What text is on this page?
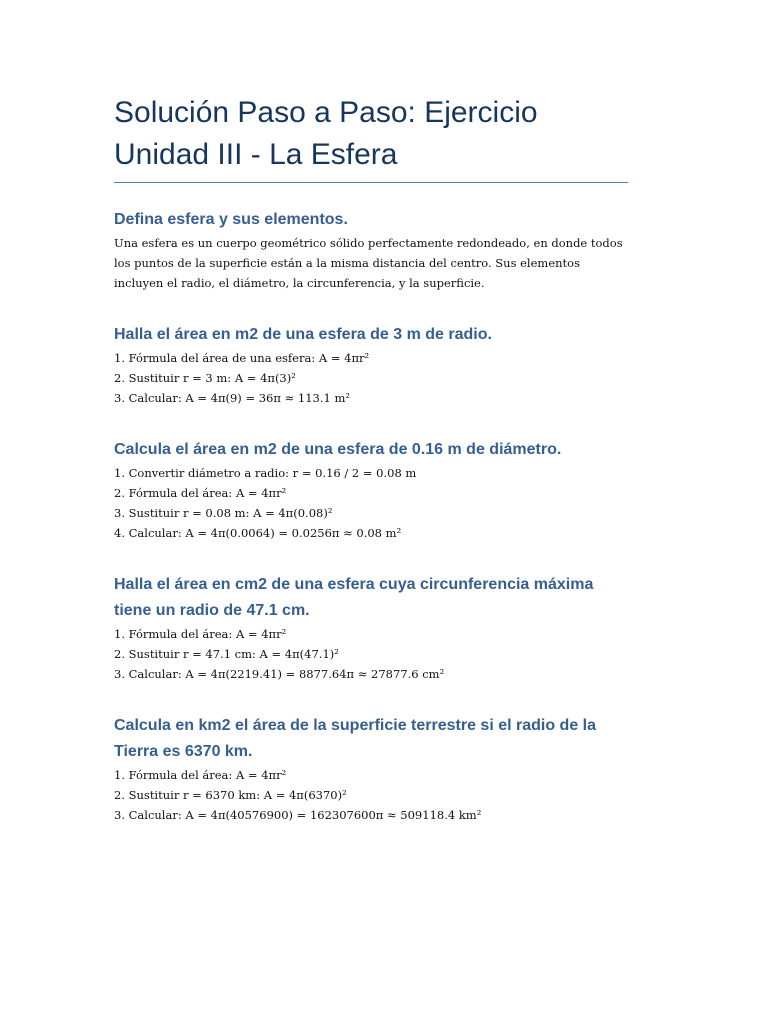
Solución Paso a Paso: Ejercicio Unidad III - La Esfera
Defina esfera y sus elementos.

Una esfera es un cuerpo geométrico sólido perfectamente redondeado, en donde todos los puntos de la superficie están a la misma distancia del centro. Sus elementos incluyen el radio, el diámetro, la circunferencia, y la superficie.

Halla el área en m2 de una esfera de 3 m de radio.

1. Fórmula del área de una esfera: A = 4πr²

2. Sustituir r = 3 m: A = 4π(3)²

3. Calcular: A = 4π(9) = 36π ≈ 113.1 m²

Calcula el área en m2 de una esfera de 0.16 m de diámetro.

1. Convertir diámetro a radio: r = 0.16 / 2 = 0.08 m

2. Fórmula del área: A = 4πr²

3. Sustituir r = 0.08 m: A = 4π(0.08)²

4. Calcular: A = 4π(0.0064) = 0.0256π ≈ 0.08 m²

Halla el área en cm2 de una esfera cuya circunferencia máxima tiene un radio de 47.1 cm.

1. Fórmula del área: A = 4πr²

2. Sustituir r = 47.1 cm: A = 4π(47.1)²

3. Calcular: A = 4π(2219.41) = 8877.64π ≈ 27877.6 cm²

Calcula en km2 el área de la superficie terrestre si el radio de la Tierra es 6370 km.

1. Fórmula del área: A = 4πr²

2. Sustituir r = 6370 km: A = 4π(6370)²

3. Calcular: A = 4π(40576900) = 162307600π ≈ 509118.4 km²
